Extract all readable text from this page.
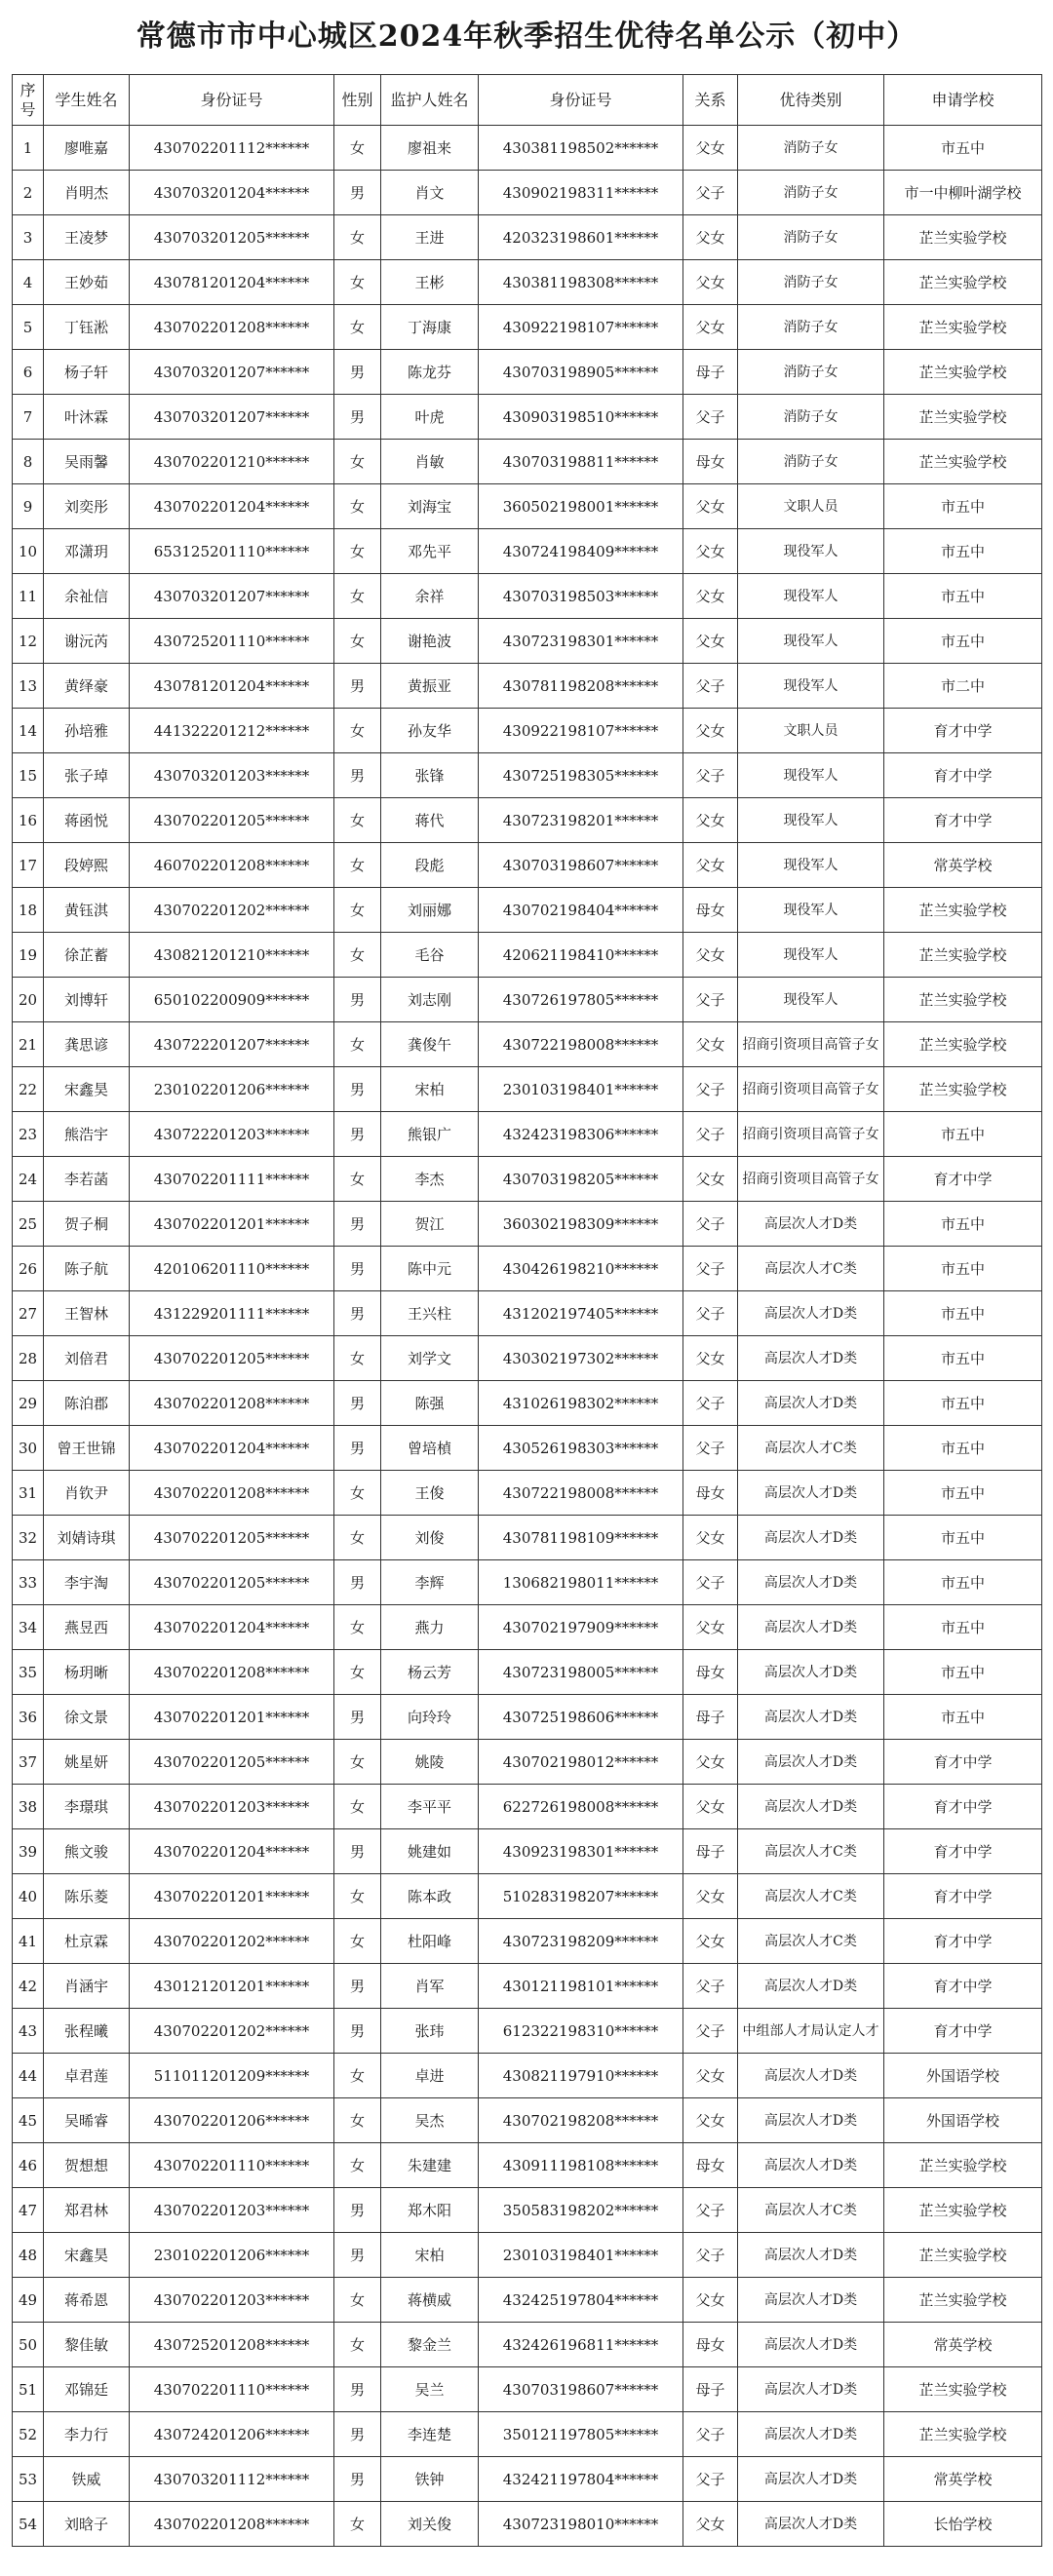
常德市市中心城区2024年秋季招生优待名单公示（初中）
序号	学生姓名	身份证号	性别	监护人姓名	身份证号	关系	优待类别	申请学校
1	廖唯嘉	430702201112******	女	廖祖来	430381198502******	父女	消防子女	市五中
2	肖明杰	430703201204******	男	肖文	430902198311******	父子	消防子女	市一中柳叶湖学校
3	王凌梦	430703201205******	女	王进	420323198601******	父女	消防子女	芷兰实验学校
4	王妙茹	430781201204******	女	王彬	430381198308******	父女	消防子女	芷兰实验学校
5	丁钰淞	430702201208******	女	丁海康	430922198107******	父女	消防子女	芷兰实验学校
6	杨子轩	430703201207******	男	陈龙芬	430703198905******	母子	消防子女	芷兰实验学校
7	叶沐霖	430703201207******	男	叶虎	430903198510******	父子	消防子女	芷兰实验学校
8	吴雨馨	430702201210******	女	肖敏	430703198811******	母女	消防子女	芷兰实验学校
9	刘奕彤	430702201204******	女	刘海宝	360502198001******	父女	文职人员	市五中
10	邓潇玥	653125201110******	女	邓先平	430724198409******	父女	现役军人	市五中
11	余祉信	430703201207******	女	余祥	430703198503******	父女	现役军人	市五中
12	谢沅芮	430725201110******	女	谢艳波	430723198301******	父女	现役军人	市五中
13	黄绎豪	430781201204******	男	黄振亚	430781198208******	父子	现役军人	市二中
14	孙培雅	441322201212******	女	孙友华	430922198107******	父女	文职人员	育才中学
15	张子琸	430703201203******	男	张锋	430725198305******	父子	现役军人	育才中学
16	蒋函悦	430702201205******	女	蒋代	430723198201******	父女	现役军人	育才中学
17	段婷熙	460702201208******	女	段彪	430703198607******	父女	现役军人	常英学校
18	黄钰淇	430702201202******	女	刘丽娜	430702198404******	母女	现役军人	芷兰实验学校
19	徐芷蓄	430821201210******	女	毛谷	420621198410******	父女	现役军人	芷兰实验学校
20	刘博轩	650102200909******	男	刘志刚	430726197805******	父子	现役军人	芷兰实验学校
21	龚思谚	430722201207******	女	龚俊午	430722198008******	父女	招商引资项目高管子女	芷兰实验学校
22	宋鑫昊	230102201206******	男	宋柏	230103198401******	父子	招商引资项目高管子女	芷兰实验学校
23	熊浩宇	430722201203******	男	熊银广	432423198306******	父子	招商引资项目高管子女	市五中
24	李若菡	430702201111******	女	李杰	430703198205******	父女	招商引资项目高管子女	育才中学
25	贺子桐	430702201201******	男	贺江	360302198309******	父子	高层次人才D类	市五中
26	陈子航	420106201110******	男	陈中元	430426198210******	父子	高层次人才C类	市五中
27	王智林	431229201111******	男	王兴柱	431202197405******	父子	高层次人才D类	市五中
28	刘倍君	430702201205******	女	刘学文	430302197302******	父女	高层次人才D类	市五中
29	陈泊郡	430702201208******	男	陈强	431026198302******	父子	高层次人才D类	市五中
30	曾王世锦	430702201204******	男	曾培楨	430526198303******	父子	高层次人才C类	市五中
31	肖钦尹	430702201208******	女	王俊	430722198008******	母女	高层次人才D类	市五中
32	刘婧诗琪	430702201205******	女	刘俊	430781198109******	父女	高层次人才D类	市五中
33	李宇淘	430702201205******	男	李辉	130682198011******	父子	高层次人才D类	市五中
34	燕昱西	430702201204******	女	燕力	430702197909******	父女	高层次人才D类	市五中
35	杨玥晰	430702201208******	女	杨云芳	430723198005******	母女	高层次人才D类	市五中
36	徐文景	430702201201******	男	向玲玲	430725198606******	母子	高层次人才D类	市五中
37	姚星妍	430702201205******	女	姚陵	430702198012******	父女	高层次人才D类	育才中学
38	李璟琪	430702201203******	女	李平平	622726198008******	父女	高层次人才D类	育才中学
39	熊文骏	430702201204******	男	姚建如	430923198301******	母子	高层次人才C类	育才中学
40	陈乐菱	430702201201******	女	陈本政	510283198207******	父女	高层次人才C类	育才中学
41	杜京霖	430702201202******	女	杜阳峰	430723198209******	父女	高层次人才C类	育才中学
42	肖涵宇	430121201201******	男	肖军	430121198101******	父子	高层次人才D类	育才中学
43	张程曦	430702201202******	男	张玮	612322198310******	父子	中组部人才局认定人才	育才中学
44	卓君莲	511011201209******	女	卓进	430821197910******	父女	高层次人才D类	外国语学校
45	吴晞睿	430702201206******	女	吴杰	430702198208******	父女	高层次人才D类	外国语学校
46	贺想想	430702201110******	女	朱建建	430911198108******	母女	高层次人才D类	芷兰实验学校
47	郑君林	430702201203******	男	郑木阳	350583198202******	父子	高层次人才C类	芷兰实验学校
48	宋鑫昊	230102201206******	男	宋柏	230103198401******	父子	高层次人才D类	芷兰实验学校
49	蒋希恩	430702201203******	女	蒋横威	432425197804******	父女	高层次人才D类	芷兰实验学校
50	黎佳敏	430725201208******	女	黎金兰	432426196811******	母女	高层次人才D类	常英学校
51	邓锦廷	430702201110******	男	吴兰	430703198607******	母子	高层次人才D类	芷兰实验学校
52	李力行	430724201206******	男	李连楚	350121197805******	父子	高层次人才D类	芷兰实验学校
53	铁威	430703201112******	男	铁钟	432421197804******	父子	高层次人才D类	常英学校
54	刘晗子	430702201208******	女	刘关俊	430723198010******	父女	高层次人才D类	长怡学校
